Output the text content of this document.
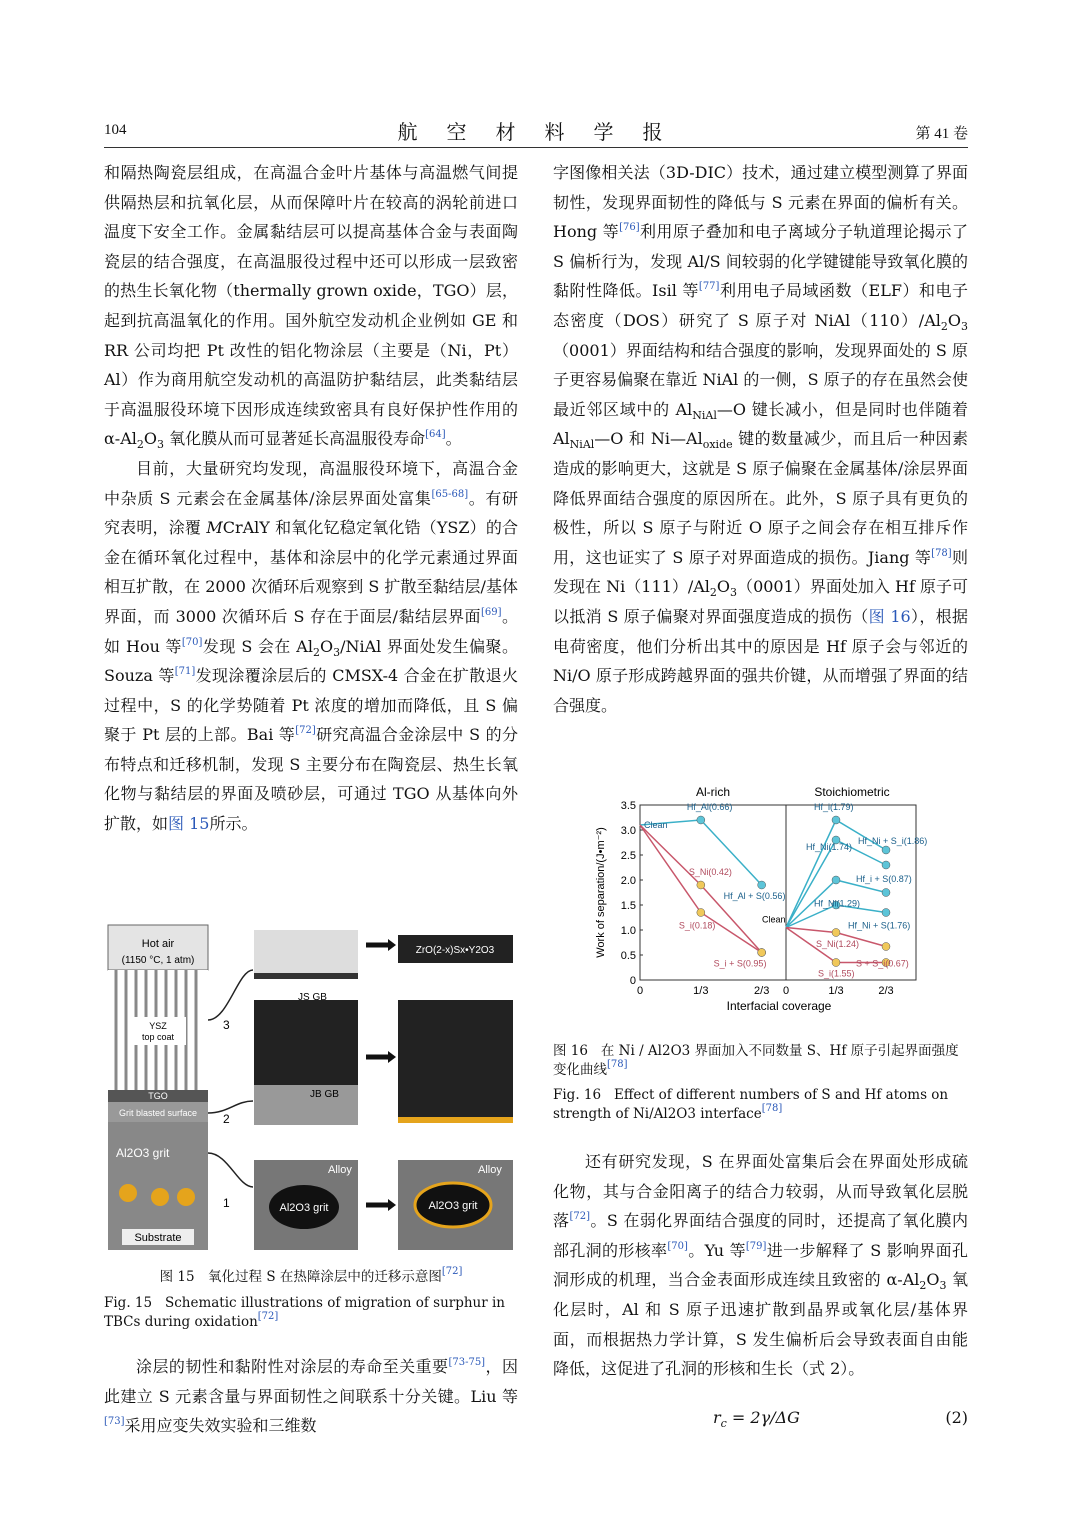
104	航 空 材 料 学 报	第 41 卷

和隔热陶瓷层组成，在高温合金叶片基体与高温燃气间提供隔热层和抗氧化层，从而保障叶片在较高的涡轮前进口温度下安全工作。金属黏结层可以提高基体合金与表面陶瓷层的结合强度，在高温服役过程中还可以形成一层致密的热生长氧化物（thermally grown oxide，TGO）层，起到抗高温氧化的作用。国外航空发动机企业例如 GE 和 RR 公司均把 Pt 改性的铝化物涂层（主要是（Ni，Pt）Al）作为商用航空发动机的高温防护黏结层，此类黏结层于高温服役环境下因形成连续致密具有良好保护性作用的 $\alpha-Al_2O_3$ 氧化膜从而可显著延长高温服役寿命[64]。

目前，大量研究均发现，高温服役环境下，高温合金中杂质 S 元素会在金属基体/涂层界面处富集[65-68]。有研究表明，涂覆 MCrAlY 和氧化钇稳定氧化锆（YSZ）的合金在循环氧化过程中，基体和涂层中的化学元素通过界面相互扩散，在 2000 次循环后观察到 S 扩散至黏结层/基体界面，而 3000 次循环后 S 存在于面层/黏结层界面[69]。如 Hou 等[70]发现 S 会在 $Al_2O_3$/NiAl 界面处发生偏聚。Souza 等[71]发现涂覆涂层后的 CMSX-4 合金在扩散退火过程中，S 的化学势随着 Pt 浓度的增加而降低，且 S 偏聚于 Pt 层的上部。Bai 等[72]研究高温合金涂层中 S 的分布特点和迁移机制，发现 S 主要分布在陶瓷层、热生长氧化物与黏结层的界面及喷砂层，可通过 TGO 从基体向外扩散，如图 15所示。

涂层的韧性和黏附性对涂层的寿命至关重要[73-75]，因此建立 S 元素含量与界面韧性之间联系十分关键。Liu 等[73]采用应变失效实验和三维数

Hot air
(1150 °C, 1 atm)
YSZ
top coat
TGO
Grit blasted surface
Al2O3 grit
Substrate
3
2
1
JS GB
JB GB
Alloy
Al2O3 grit
ZrO(2-x)Sx•Y2O3
S2-
Alloy
Al2O3 grit
图 15　 氧化过程 S 在热障涂层中的迁移示意图[72]
Fig. 15 Schematic illustrations of migration of surphur in TBCs during oxidation[72]

字图像相关法（3D-DIC）技术，通过建立模型测算了界面韧性，发现界面韧性的降低与 S 元素在界面的偏析有关。Hong 等[76]利用原子叠加和电子离域分子轨道理论揭示了 S 偏析行为，发现 Al/S 间较弱的化学键键能导致氧化膜的黏附性降低。Isil 等[77]利用电子局域函数（ELF）和电子态密度（DOS）研究了 S 原子对 $NiAl(110)/Al_2O_3(0001)$界面结构和结合强度的影响，发现界面处的 S 原子更容易偏聚在靠近 NiAl 的一侧，S 原子的存在虽然会使最近邻区域中的 $Al_{NiAl}—O$ 键长减小，但是同时也伴随着 $Al_{NiAl}—O$ 和 $Ni—Al_{oxide}$ 键的数量减少，而且后一种因素造成的影响更大，这就是 S 原子偏聚在金属基体/涂层界面降低界面结合强度的原因所在。此外，S 原子具有更负的极性，所以 S 原子与附近 O 原子之间会存在相互排斥作用，这也证实了 S 原子对界面造成的损伤。Jiang 等[78]则发现在 $Ni(111)/Al_2O_3(0001)$界面处加入 Hf 原子可以抵消 S 原子偏聚对界面强度造成的损伤（图 16），根据电荷密度，他们分析出其中的原因是 Hf 原子会与邻近的 Ni/O 原子形成跨越界面的强共价键，从而增强了界面的结合强度。

Al-rich	Stoichiometric
0
0.5
1.0
1.5
2.0
2.5
3.0
3.5
0	1/3	2/3 0	1/3	2/3
Interfacial coverage
Work of separation/(J•m⁻²)
Clean
Hf_Al(0.66)
S_Ni(0.42)
Hf_Al + S(0.56)
S_i(0.18)
S_i + S(0.95)
Hf_i(1.79)
Hf_Ni(1.74)
Hf_Ni + S_i(1.86)
Hf_i + S(0.87)
Hf_Ni(1.29)
Hf_Ni + S(1.76)
S_Ni(1.24)
S_i(1.55)
S + S_i(0.67)
Clean
图 16 在 Ni / Al2O3 界面加入不同数量 S、Hf 原子引起界面强度变化曲线[78]
Fig. 16 Effect of different numbers of S and Hf atoms on strength of Ni/Al2O3 interface[78]

还有研究发现，S 在界面处富集后会在界面处形成硫化物，其与合金阳离子的结合力较弱，从而导致氧化层脱落[72]。S 在弱化界面结合强度的同时，还提高了氧化膜内部孔洞的形核率[70]。Yu 等[79]进一步解释了 S 影响界面孔洞形成的机理，当合金表面形成连续且致密的 $\alpha-Al_2O_3$ 氧化层时，Al 和 S 原子迅速扩散到晶界或氧化层/基体界面，而根据热力学计算，S 发生偏析后会导致表面自由能降低，这促进了孔洞的形核和生长（式 2）。

$r_c = 2\gamma/\Delta G$	(2)
